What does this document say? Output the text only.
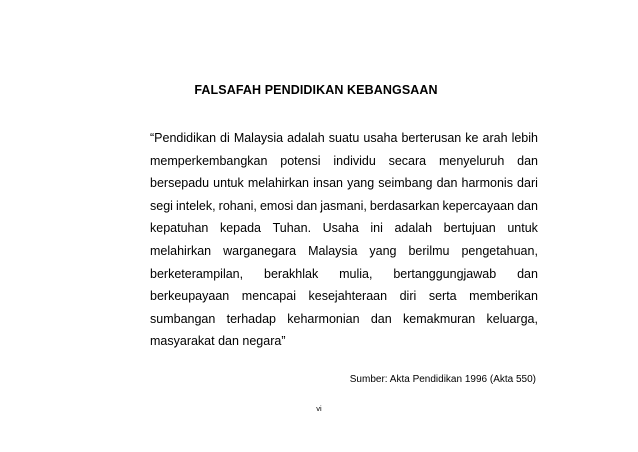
FALSAFAH PENDIDIKAN KEBANGSAAN
“Pendidikan di Malaysia adalah suatu usaha berterusan ke arah lebih
memperkembangkan potensi individu secara menyeluruh dan
bersepadu untuk melahirkan insan yang seimbang dan harmonis dari
segi intelek, rohani, emosi dan jasmani, berdasarkan kepercayaan dan
kepatuhan kepada Tuhan. Usaha ini adalah bertujuan untuk
melahirkan warganegara Malaysia yang berilmu pengetahuan,
berketerampilan, berakhlak mulia, bertanggungjawab dan
berkeupayaan mencapai kesejahteraan diri serta memberikan
sumbangan terhadap keharmonian dan kemakmuran keluarga,
masyarakat dan negara”
Sumber: Akta Pendidikan 1996 (Akta 550)
vi
